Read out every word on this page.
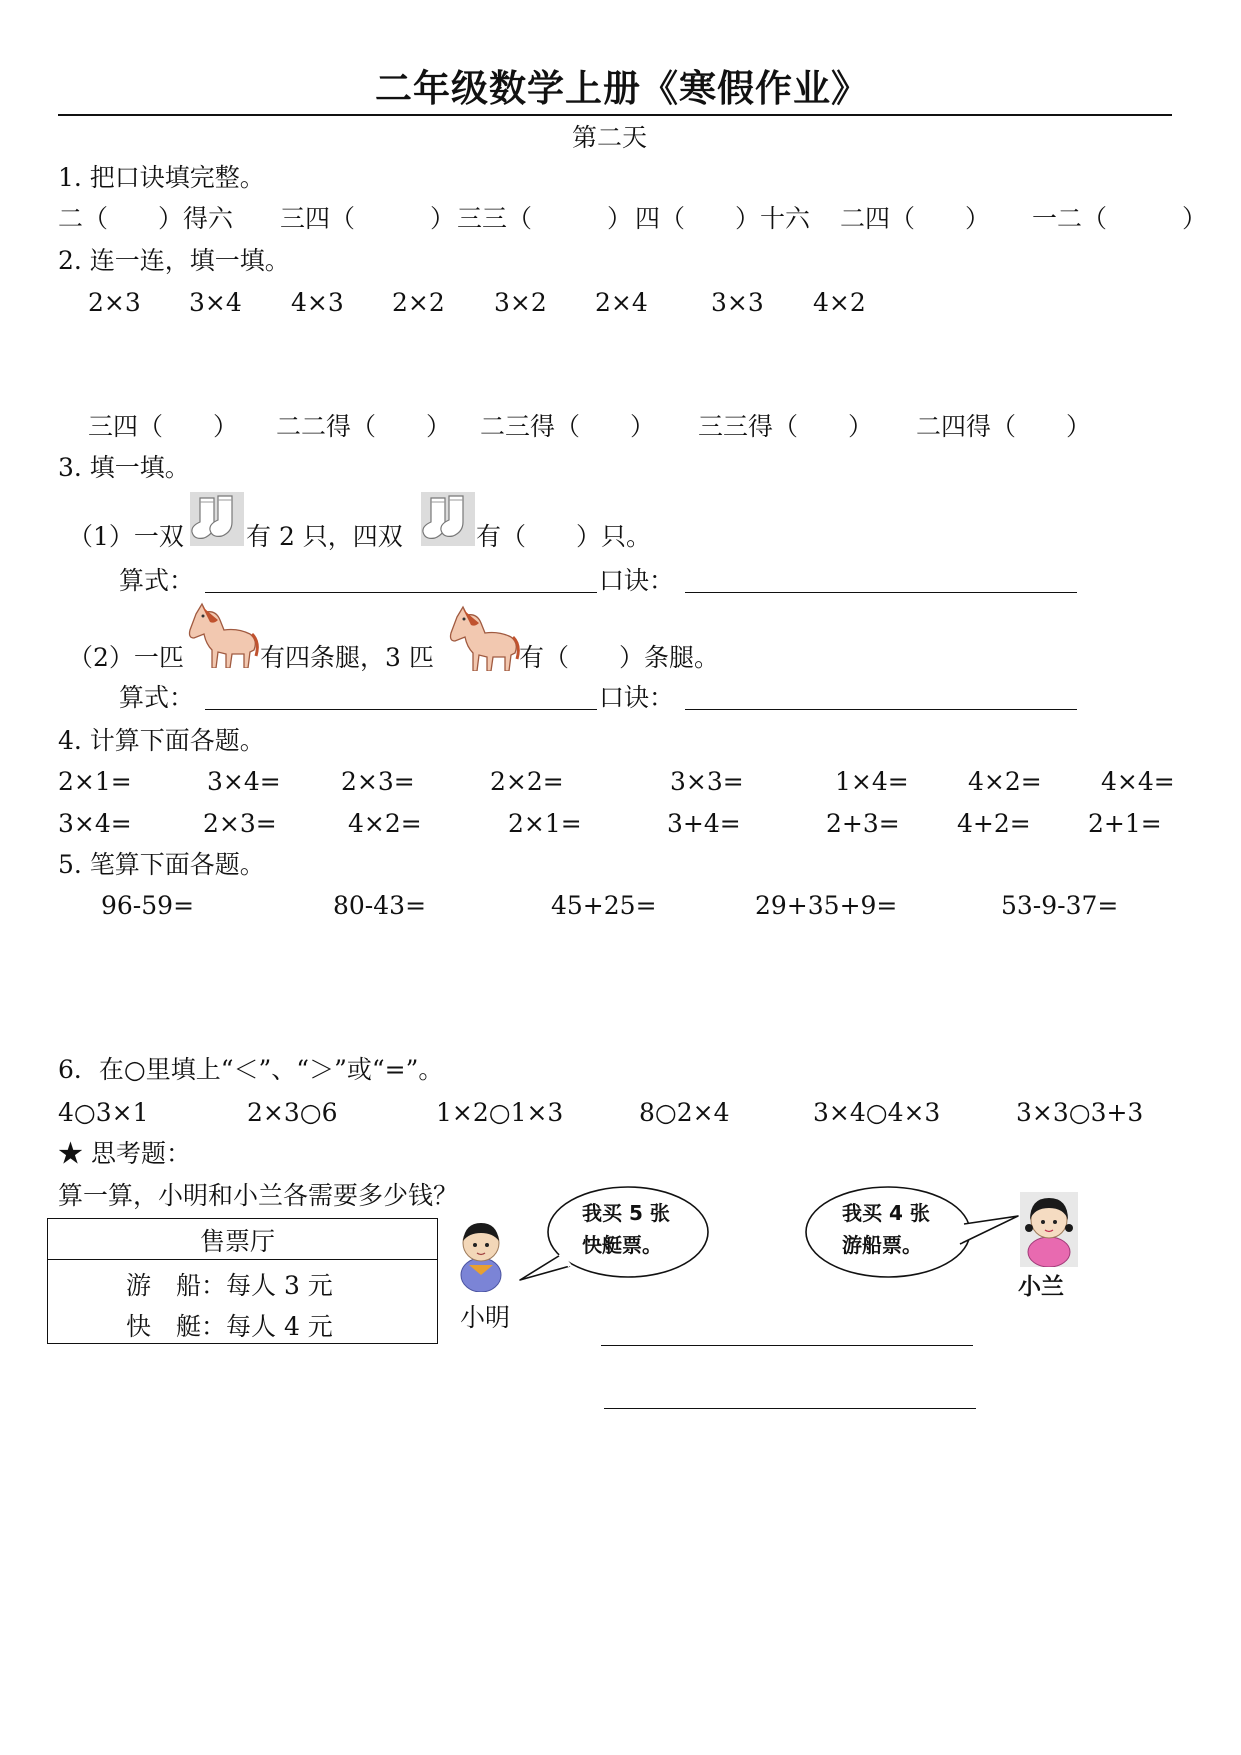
二年级数学上册《寒假作业》
第二天
1. 把口诀填完整。
二（　　）得六 三四（　　　） 三三（　　　） 四（　　）十六 二四（　　） 一二（　　　）
2. 连一连，填一填。
2×3 3×4 4×3 2×2 3×2 2×4	3×3 4×2
三四（　　） 二二得（　　） 二三得（　　） 三三得（　　） 二四得（　　）
3. 填一填。
（1）一双 有 2 只，四双	有（　　）只。
算式：	口诀：
（2）一匹	有四条腿，3 匹	有（　　）条腿。
算式：	口诀：
4. 计算下面各题。
2×1=	3×4= 2×3=	2×2=	3×3=	1×4= 4×2= 4×4=
3×4=	2×3=	4×2=	2×1=	3+4=	2+3= 4+2= 2+1=
5. 笔算下面各题。
96-59=	80-43=	45+25=	29+35+9=	53-9-37=
6．在○里填上“＜”、“＞”或“=”。
4○3×1	2×3○6	1×2○1×3	8○2×4	3×4○4×3	3×3○3+3
★ 思考题：
算一算，小明和小兰各需要多少钱？
售票厅
游　船：每人 3 元
快　艇：每人 4 元	小明
我买 5 张
快艇票。
我买 4 张
游船票。
小兰
